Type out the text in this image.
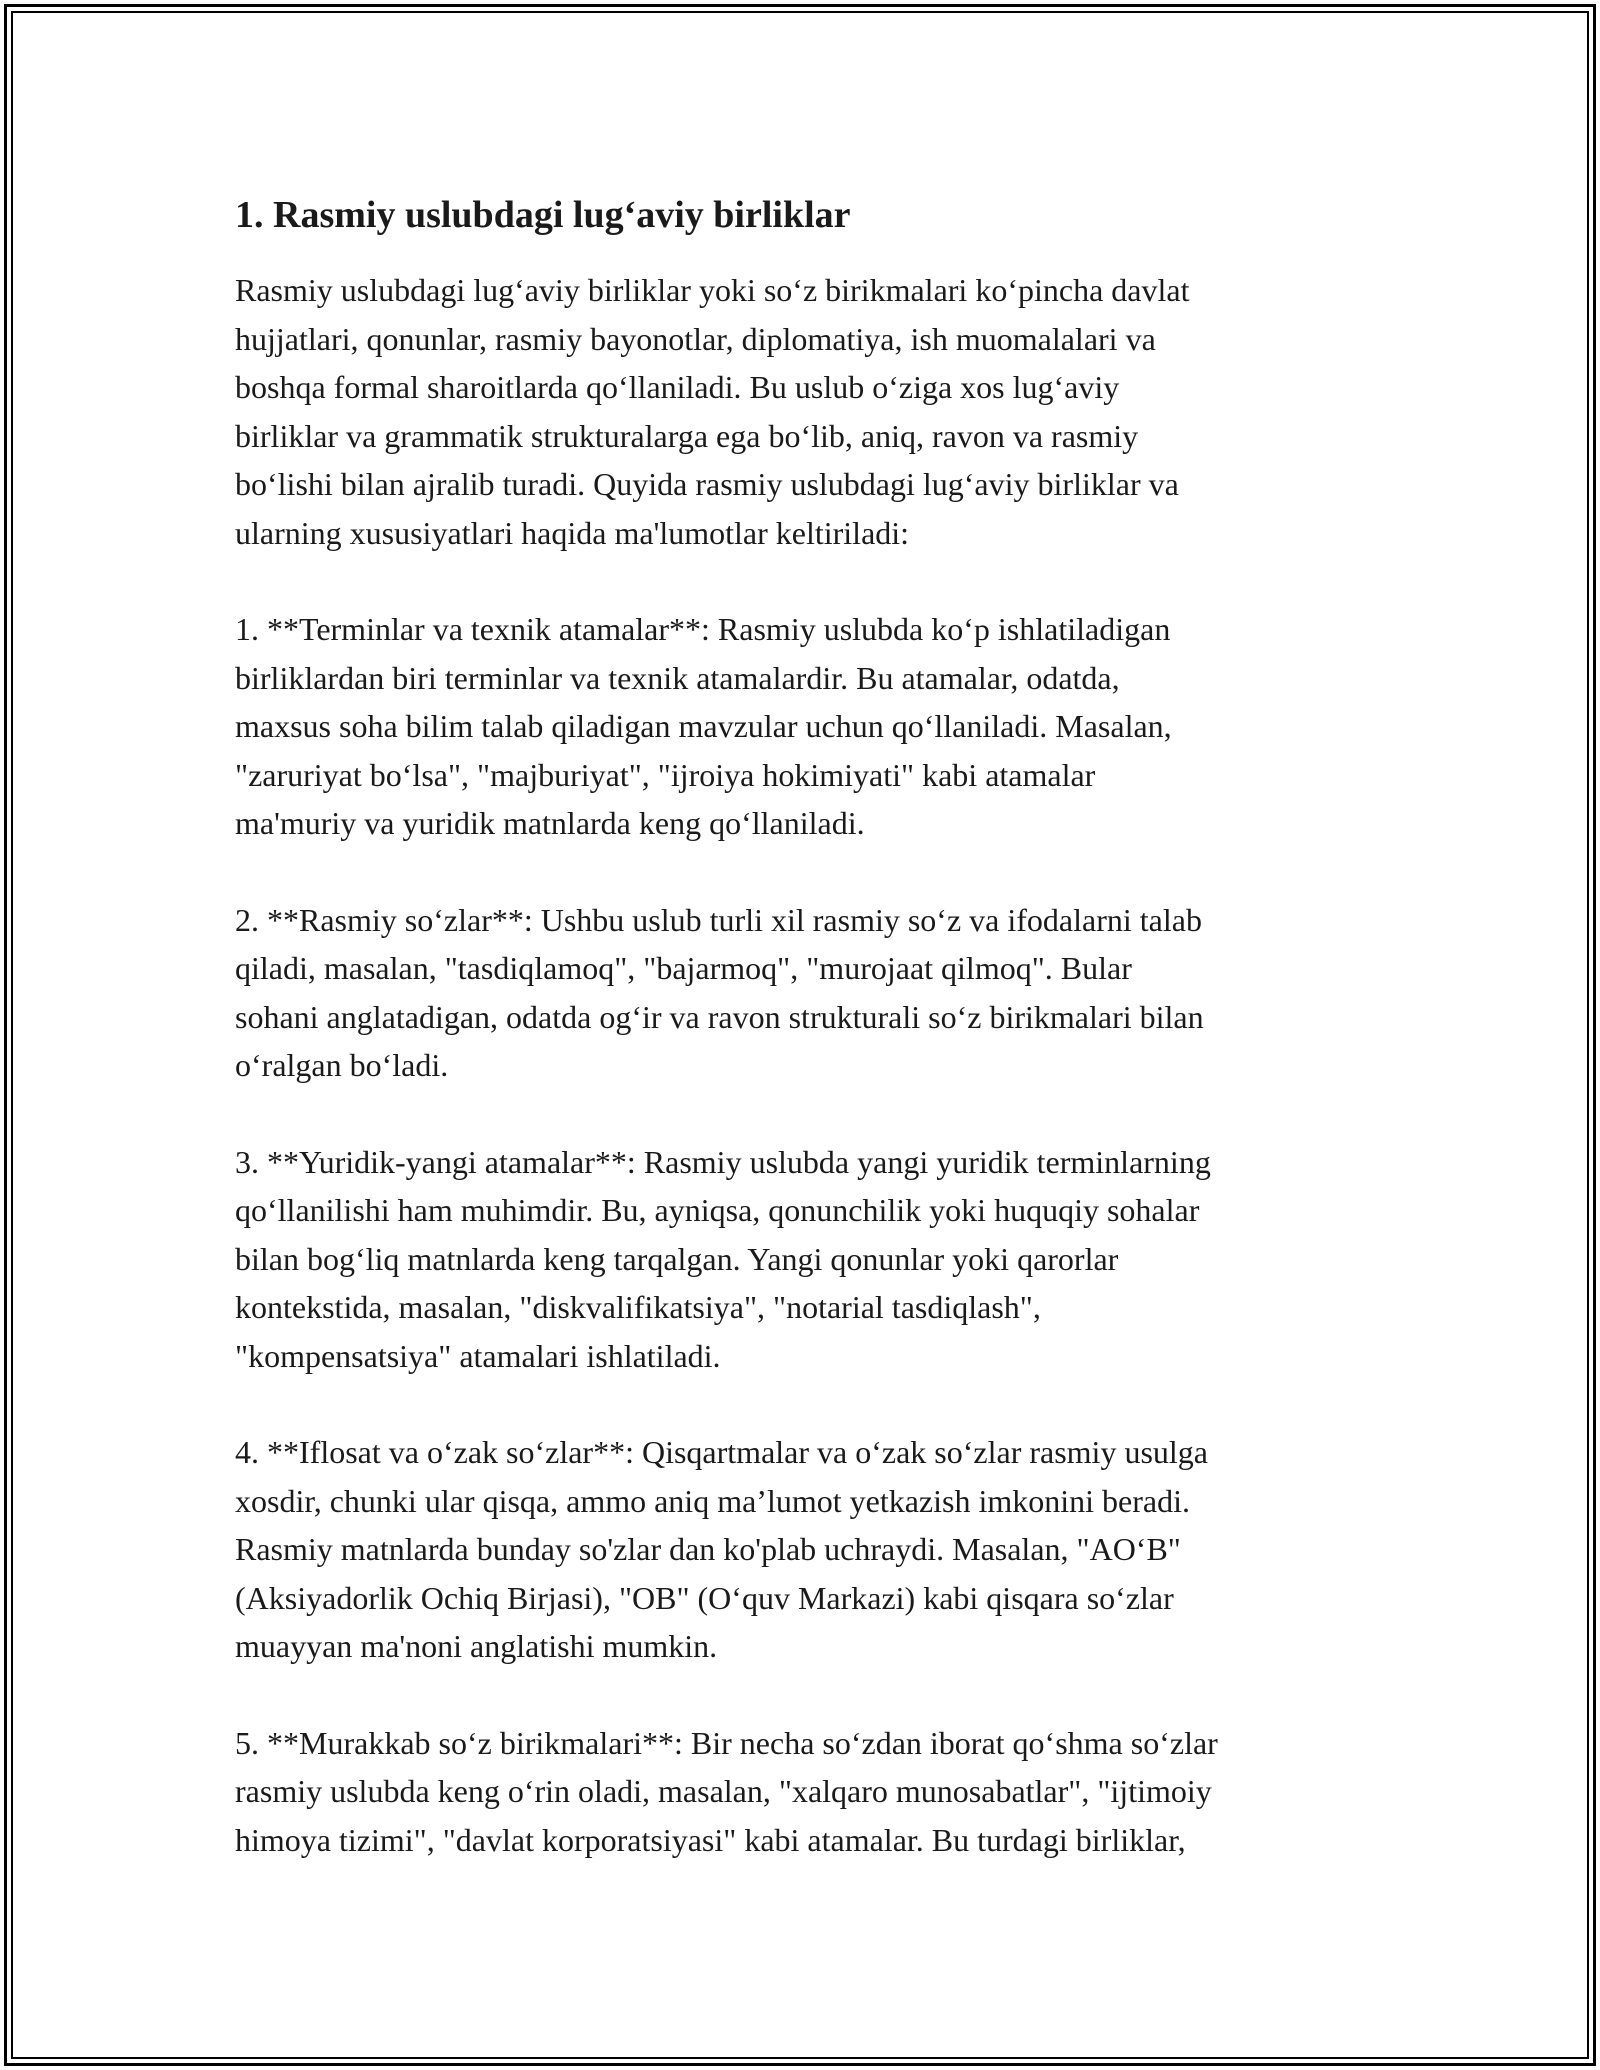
1. Rasmiy uslubdagi lug‘aviy birliklar

Rasmiy uslubdagi lug‘aviy birliklar yoki so‘z birikmalari ko‘pincha davlat
hujjatlari, qonunlar, rasmiy bayonotlar, diplomatiya, ish muomalalari va
boshqa formal sharoitlarda qo‘llaniladi. Bu uslub o‘ziga xos lug‘aviy
birliklar va grammatik strukturalarga ega bo‘lib, aniq, ravon va rasmiy
bo‘lishi bilan ajralib turadi. Quyida rasmiy uslubdagi lug‘aviy birliklar va
ularning xususiyatlari haqida ma'lumotlar keltiriladi:

1. **Terminlar va texnik atamalar**: Rasmiy uslubda ko‘p ishlatiladigan
birliklardan biri terminlar va texnik atamalardir. Bu atamalar, odatda,
maxsus soha bilim talab qiladigan mavzular uchun qo‘llaniladi. Masalan,
"zaruriyat bo‘lsa", "majburiyat", "ijroiya hokimiyati" kabi atamalar
ma'muriy va yuridik matnlarda keng qo‘llaniladi.

2. **Rasmiy so‘zlar**: Ushbu uslub turli xil rasmiy so‘z va ifodalarni talab
qiladi, masalan, "tasdiqlamoq", "bajarmoq", "murojaat qilmoq". Bular
sohani anglatadigan, odatda og‘ir va ravon strukturali so‘z birikmalari bilan
o‘ralgan bo‘ladi.

3. **Yuridik-yangi atamalar**: Rasmiy uslubda yangi yuridik terminlarning
qo‘llanilishi ham muhimdir. Bu, ayniqsa, qonunchilik yoki huquqiy sohalar
bilan bog‘liq matnlarda keng tarqalgan. Yangi qonunlar yoki qarorlar
kontekstida, masalan, "diskvalifikatsiya", "notarial tasdiqlash",
"kompensatsiya" atamalari ishlatiladi.

4. **Iflosat va o‘zak so‘zlar**: Qisqartmalar va o‘zak so‘zlar rasmiy usulga
xosdir, chunki ular qisqa, ammo aniq ma’lumot yetkazish imkonini beradi.
Rasmiy matnlarda bunday so'zlar dan ko'plab uchraydi. Masalan, "AO‘B"
(Aksiyadorlik Ochiq Birjasi), "OB" (O‘quv Markazi) kabi qisqara so‘zlar
muayyan ma'noni anglatishi mumkin.

5. **Murakkab so‘z birikmalari**: Bir necha so‘zdan iborat qo‘shma so‘zlar
rasmiy uslubda keng o‘rin oladi, masalan, "xalqaro munosabatlar", "ijtimoiy
himoya tizimi", "davlat korporatsiyasi" kabi atamalar. Bu turdagi birliklar,
